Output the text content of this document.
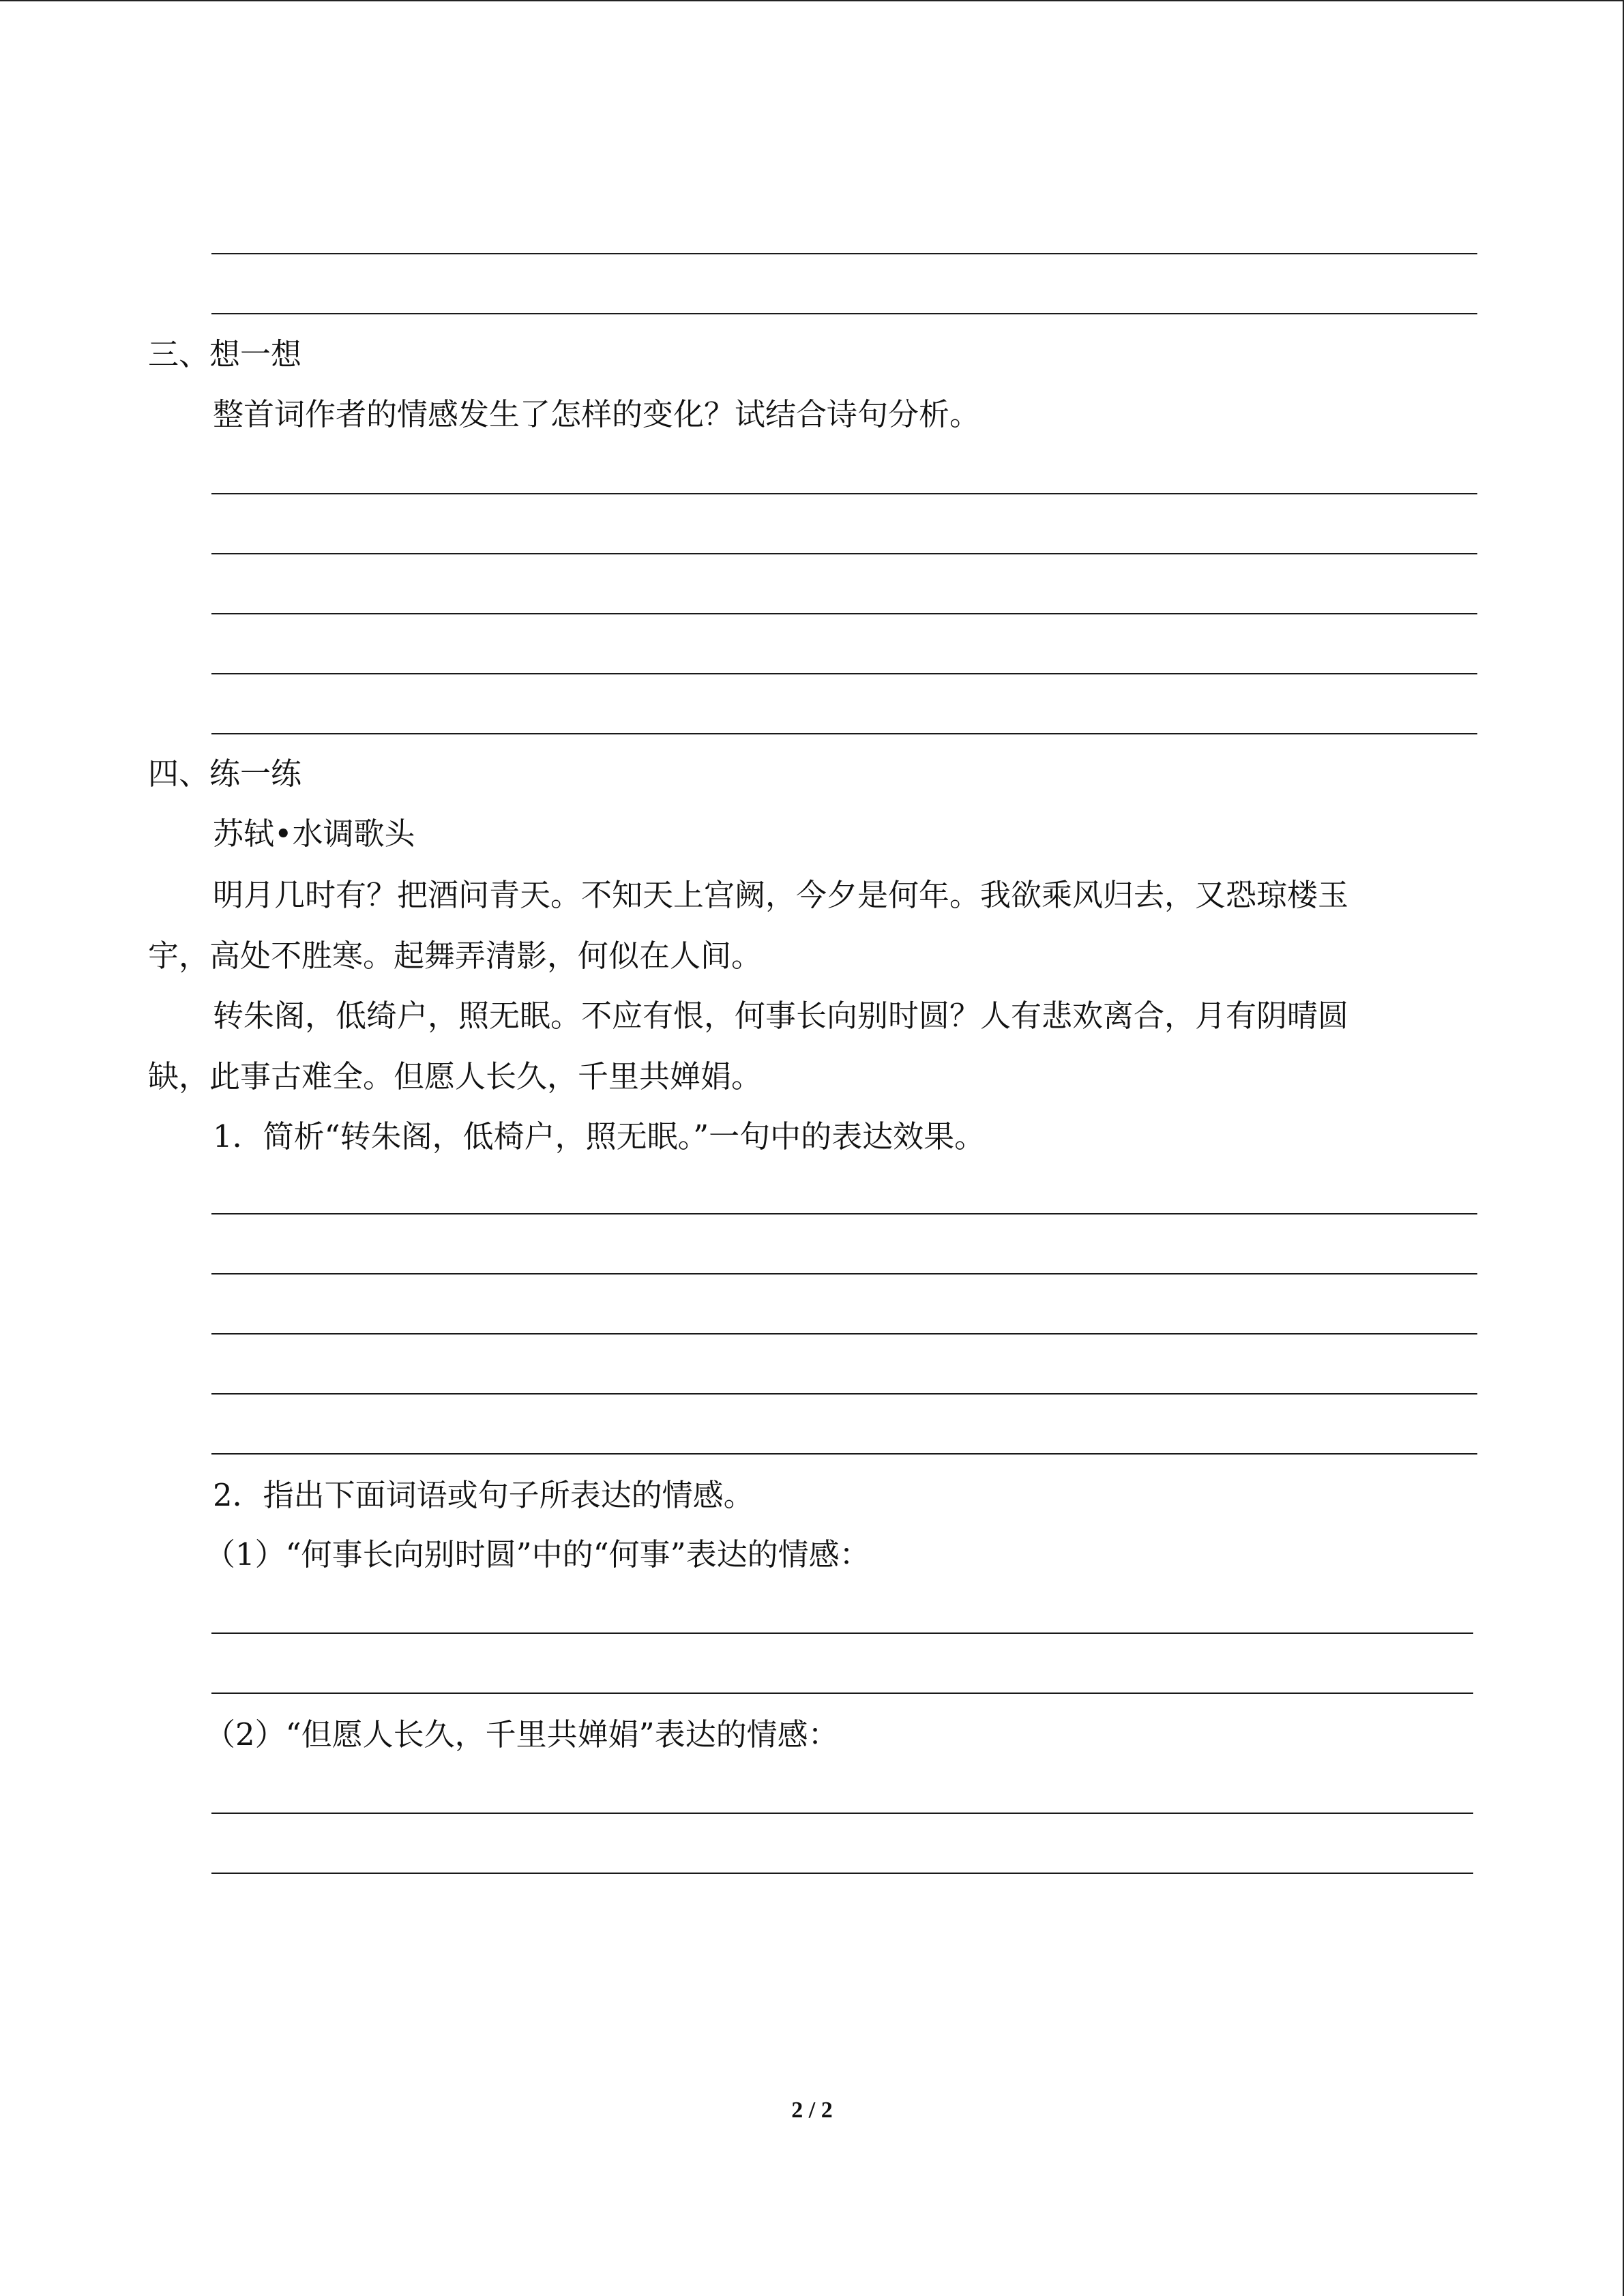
三、想一想
整首词作者的情感发生了怎样的变化？试结合诗句分析。
四、练一练
苏轼•水调歌头
明月几时有？把酒问青天。不知天上宫阙，今夕是何年。我欲乘风归去，又恐琼楼玉
宇，高处不胜寒。起舞弄清影，何似在人间。
转朱阁，低绮户，照无眠。不应有恨，何事长向别时圆？人有悲欢离合，月有阴晴圆
缺，此事古难全。但愿人长久，千里共婵娟。
1．简析“转朱阁，低椅户，照无眠。”一句中的表达效果。
2．指出下面词语或句子所表达的情感。
（1）“何事长向别时圆”中的“何事”表达的情感：
（2）“但愿人长久，千里共婵娟”表达的情感：
2 / 2
